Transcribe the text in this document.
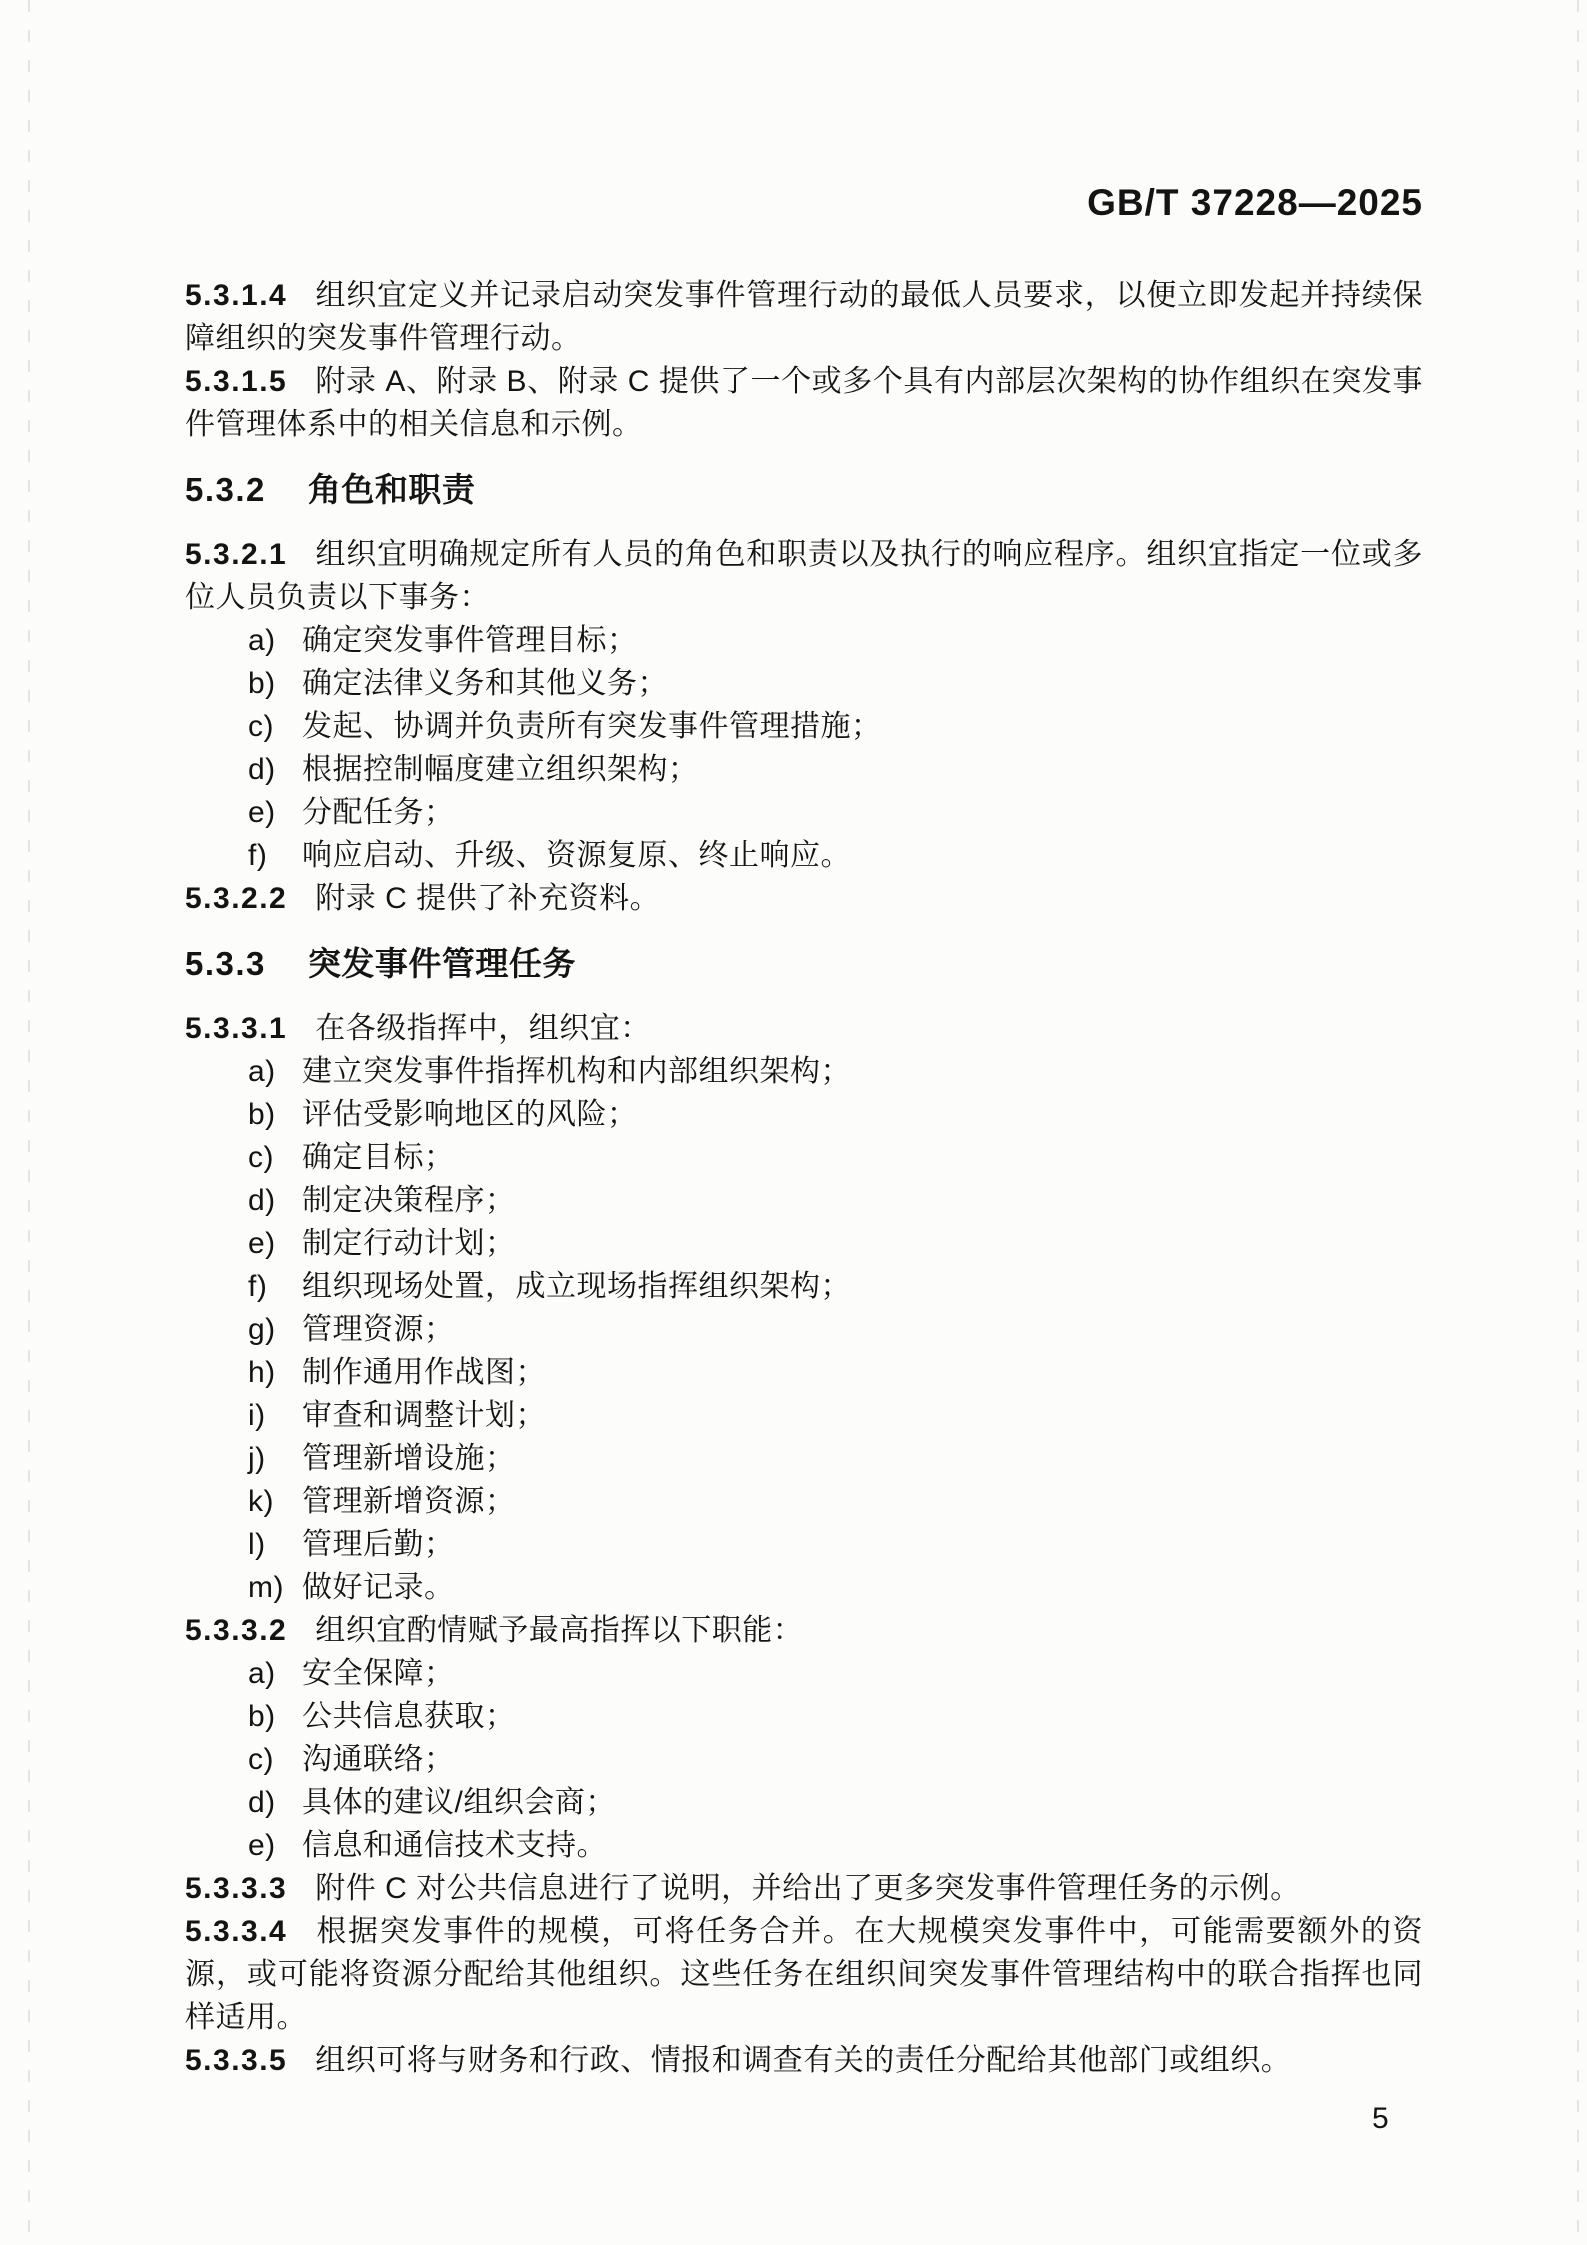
GB/T 37228—2025

5.3.1.4 组织宜定义并记录启动突发事件管理行动的最低人员要求，以便立即发起并持续保障组织的突发事件管理行动。

5.3.1.5 附录 A、附录 B、附录 C 提供了一个或多个具有内部层次架构的协作组织在突发事件管理体系中的相关信息和示例。

5.3.2 角色和职责

5.3.2.1 组织宜明确规定所有人员的角色和职责以及执行的响应程序。组织宜指定一位或多位人员负责以下事务：

a) 确定突发事件管理目标；
b) 确定法律义务和其他义务；
c) 发起、协调并负责所有突发事件管理措施；
d) 根据控制幅度建立组织架构；
e) 分配任务；
f) 响应启动、升级、资源复原、终止响应。

5.3.2.2 附录 C 提供了补充资料。

5.3.3 突发事件管理任务

5.3.3.1 在各级指挥中，组织宜：

a) 建立突发事件指挥机构和内部组织架构；
b) 评估受影响地区的风险；
c) 确定目标；
d) 制定决策程序；
e) 制定行动计划；
f) 组织现场处置，成立现场指挥组织架构；
g) 管理资源；
h) 制作通用作战图；
i) 审查和调整计划；
j) 管理新增设施；
k) 管理新增资源；
l) 管理后勤；
m) 做好记录。

5.3.3.2 组织宜酌情赋予最高指挥以下职能：

a) 安全保障；
b) 公共信息获取；
c) 沟通联络；
d) 具体的建议/组织会商；
e) 信息和通信技术支持。

5.3.3.3 附件 C 对公共信息进行了说明，并给出了更多突发事件管理任务的示例。

5.3.3.4 根据突发事件的规模，可将任务合并。在大规模突发事件中，可能需要额外的资源，或可能将资源分配给其他组织。这些任务在组织间突发事件管理结构中的联合指挥也同样适用。

5.3.3.5 组织可将与财务和行政、情报和调查有关的责任分配给其他部门或组织。

5
